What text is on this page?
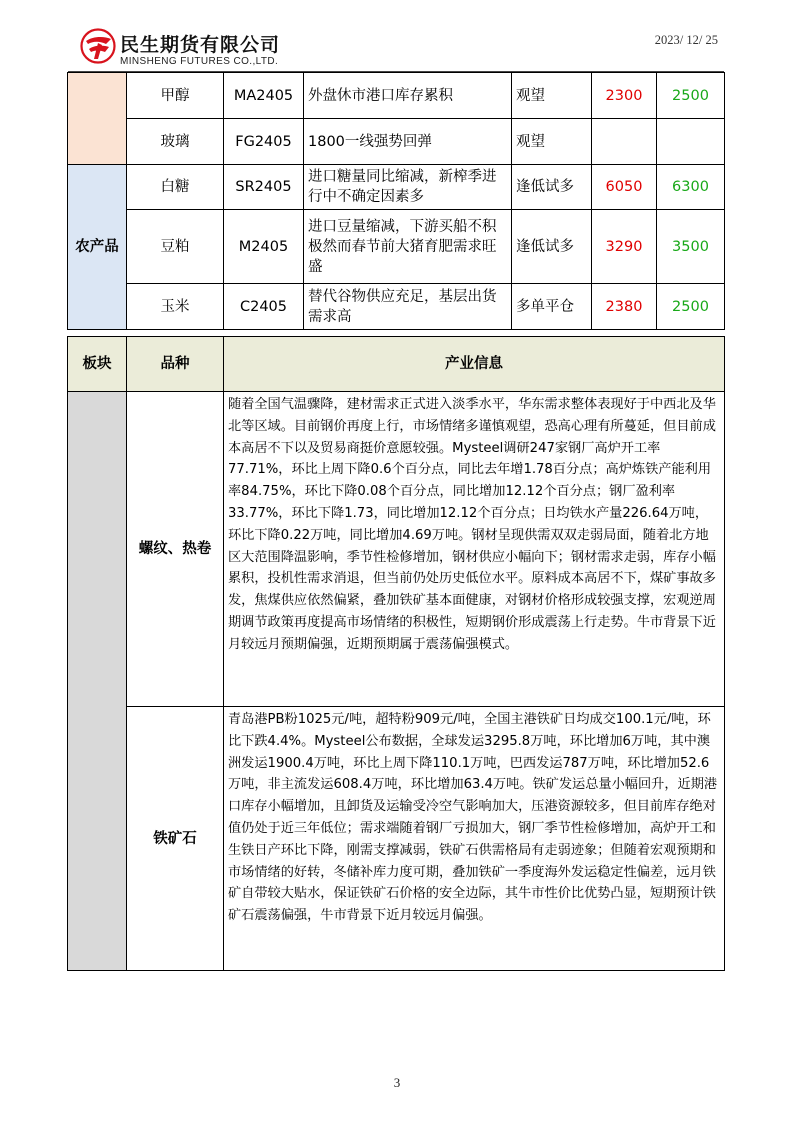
民生期货有限公司
MINSHENG FUTURES CO.,LTD.
2023/ 12/ 25
	甲醇	MA2405	外盘休市港口库存累积	观望	2300	2500
	玻璃	FG2405	1800一线强势回弹	观望		
农产品	白糖	SR2405	进口糖量同比缩减，新榨季进行中不确定因素多	逢低试多	6050	6300
	豆粕	M2405	进口豆量缩减，下游买船不积极然而春节前大猪育肥需求旺盛	逢低试多	3290	3500
	玉米	C2405	替代谷物供应充足，基层出货需求高	多单平仓	2380	2500
板块	品种	产业信息
	螺纹、热卷	随着全国气温骤降，建材需求正式进入淡季水平，华东需求整体表现好于中西北及华北等区域。目前钢价再度上行，市场情绪多谨慎观望，恐高心理有所蔓延，但目前成本高居不下以及贸易商挺价意愿较强。Mysteel调研247家钢厂高炉开工率77.71%，环比上周下降0.6个百分点，同比去年增1.78百分点；高炉炼铁产能利用率84.75%，环比下降0.08个百分点，同比增加12.12个百分点；钢厂盈利率33.77%，环比下降1.73，同比增加12.12个百分点；日均铁水产量226.64万吨，环比下降0.22万吨，同比增加4.69万吨。钢材呈现供需双双走弱局面，随着北方地区大范围降温影响，季节性检修增加，钢材供应小幅向下；钢材需求走弱，库存小幅累积，投机性需求消退，但当前仍处历史低位水平。原料成本高居不下，煤矿事故多发，焦煤供应依然偏紧，叠加铁矿基本面健康，对钢材价格形成较强支撑，宏观逆周期调节政策再度提高市场情绪的积极性，短期钢价形成震荡上行走势。牛市背景下近月较远月预期偏强，近期预期属于震荡偏强模式。
	铁矿石	青岛港PB粉1025元/吨，超特粉909元/吨，全国主港铁矿日均成交100.1元/吨，环比下跌4.4%。Mysteel公布数据，全球发运3295.8万吨，环比增加6万吨，其中澳洲发运1900.4万吨，环比上周下降110.1万吨，巴西发运787万吨，环比增加52.6万吨，非主流发运608.4万吨，环比增加63.4万吨。铁矿发运总量小幅回升，近期港口库存小幅增加，且卸货及运输受冷空气影响加大，压港资源较多，但目前库存绝对值仍处于近三年低位；需求端随着钢厂亏损加大，钢厂季节性检修增加，高炉开工和生铁日产环比下降，刚需支撑减弱，铁矿石供需格局有走弱迹象；但随着宏观预期和市场情绪的好转，冬储补库力度可期，叠加铁矿一季度海外发运稳定性偏差，远月铁矿自带较大贴水，保证铁矿石价格的安全边际，其牛市性价比优势凸显，短期预计铁矿石震荡偏强，牛市背景下近月较远月偏强。
3
